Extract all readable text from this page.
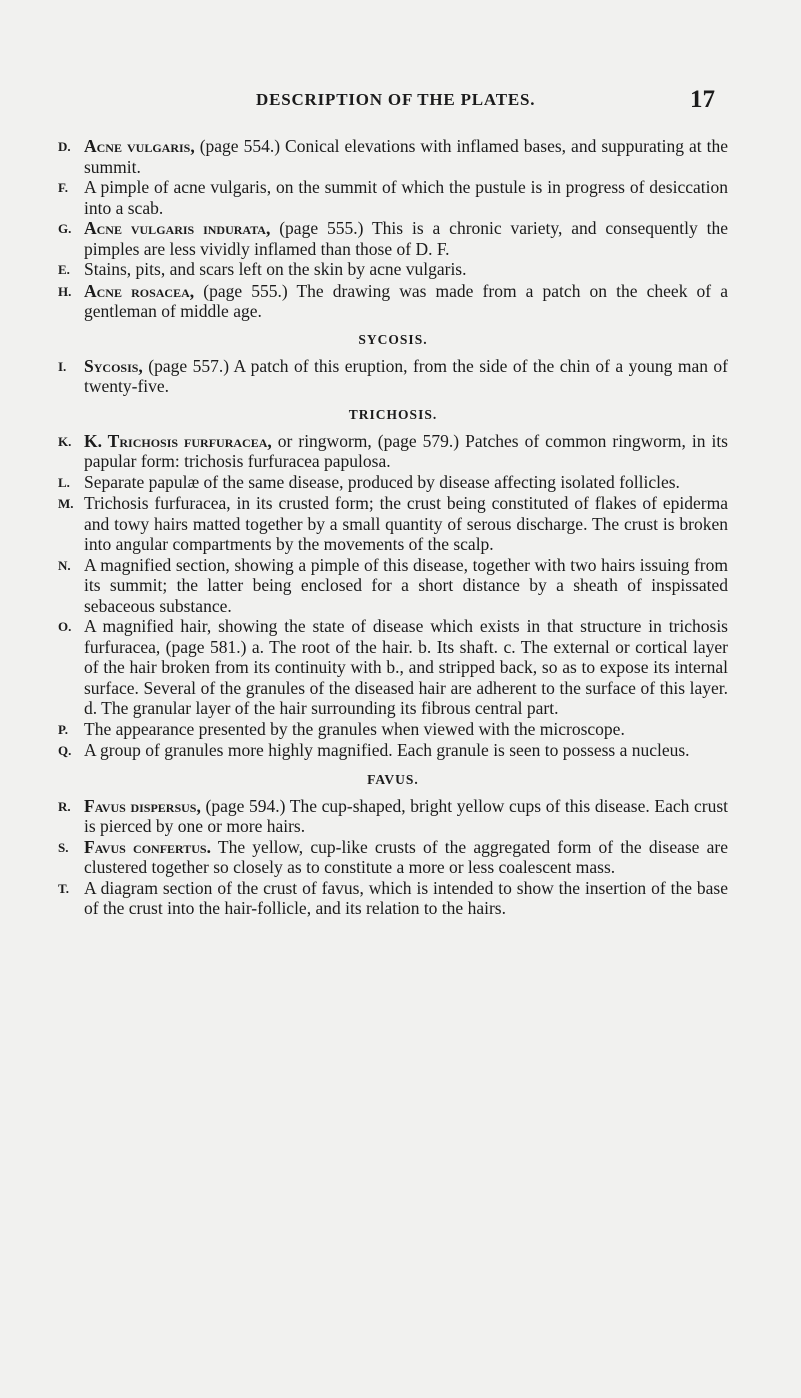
DESCRIPTION OF THE PLATES.	17
D. Acne vulgaris, (page 554.) Conical elevations with inflamed bases, and suppurating at the summit.
F. A pimple of acne vulgaris, on the summit of which the pustule is in progress of desiccation into a scab.
G. Acne vulgaris indurata, (page 555.) This is a chronic variety, and consequently the pimples are less vividly inflamed than those of D. F.
E. Stains, pits, and scars left on the skin by acne vulgaris.
H. Acne rosacea, (page 555.) The drawing was made from a patch on the cheek of a gentleman of middle age.
SYCOSIS.
I.	Sycosis, (page 557.) A patch of this eruption, from the side of the chin of a young man of twenty-five.
TRICHOSIS.
K. K. Trichosis furfuracea, or ringworm, (page 579.) Patches of common ringworm, in its papular form: trichosis furfuracea papulosa.
L. Separate papulæ of the same disease, produced by disease affecting isolated follicles.
M. Trichosis furfuracea, in its crusted form; the crust being constituted of flakes of epiderma and towy hairs matted together by a small quantity of serous discharge. The crust is broken into angular compartments by the movements of the scalp.
N. A magnified section, showing a pimple of this disease, together with two hairs issuing from its summit; the latter being enclosed for a short distance by a sheath of inspissated sebaceous substance.
O. A magnified hair, showing the state of disease which exists in that structure in trichosis furfuracea, (page 581.) a. The root of the hair. b. Its shaft. c. The external or cortical layer of the hair broken from its continuity with b., and stripped back, so as to expose its internal surface. Several of the granules of the diseased hair are adherent to the surface of this layer. d. The granular layer of the hair surrounding its fibrous central part.
P. The appearance presented by the granules when viewed with the microscope.
Q. A group of granules more highly magnified. Each granule is seen to possess a nucleus.
FAVUS.
R. Favus dispersus, (page 594.) The cup-shaped, bright yellow cups of this disease. Each crust is pierced by one or more hairs.
S. Favus confertus. The yellow, cup-like crusts of the aggregated form of the disease are clustered together so closely as to constitute a more or less coalescent mass.
T. A diagram section of the crust of favus, which is intended to show the insertion of the base of the crust into the hair-follicle, and its relation to the hairs.
